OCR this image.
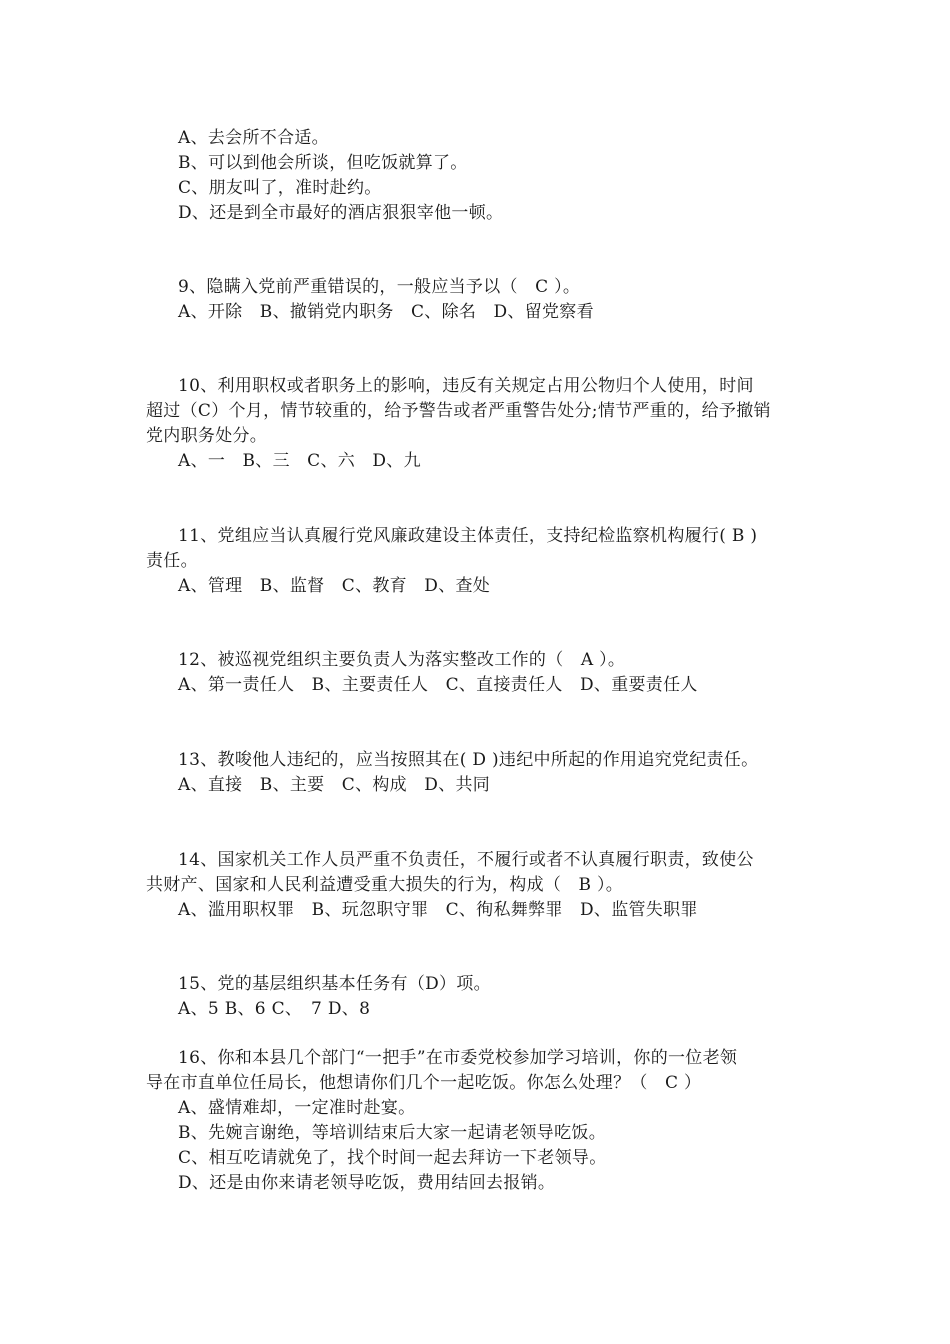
A、去会所不合适。
B、可以到他会所谈，但吃饭就算了。
C、朋友叫了，准时赴约。
D、还是到全市最好的酒店狠狠宰他一顿。
9、隐瞒入党前严重错误的，一般应当予以（　C ）。
A、开除　B、撤销党内职务　C、除名　D、留党察看
10、利用职权或者职务上的影响，违反有关规定占用公物归个人使用，时间
超过（C）个月，情节较重的，给予警告或者严重警告处分;情节严重的，给予撤销
党内职务处分。
A、一　B、三　C、六　D、九
11、党组应当认真履行党风廉政建设主体责任，支持纪检监察机构履行( B )
责任。
A、管理　B、监督　C、教育　D、查处
12、被巡视党组织主要负责人为落实整改工作的（　A ）。
A、第一责任人　B、主要责任人　C、直接责任人　D、重要责任人
13、教唆他人违纪的，应当按照其在( D )违纪中所起的作用追究党纪责任。
A、直接　B、主要　C、构成　D、共同
14、国家机关工作人员严重不负责任，不履行或者不认真履行职责，致使公
共财产、国家和人民利益遭受重大损失的行为，构成（　B ）。
A、滥用职权罪　B、玩忽职守罪　C、徇私舞弊罪　D、监管失职罪
15、党的基层组织基本任务有（D）项。
A、5 B、6 C、　7 D、8
16、你和本县几个部门“一把手”在市委党校参加学习培训，你的一位老领
导在市直单位任局长，他想请你们几个一起吃饭。你怎么处理？（　C ）
A、盛情难却，一定准时赴宴。
B、先婉言谢绝，等培训结束后大家一起请老领导吃饭。
C、相互吃请就免了，找个时间一起去拜访一下老领导。
D、还是由你来请老领导吃饭，费用结回去报销。
